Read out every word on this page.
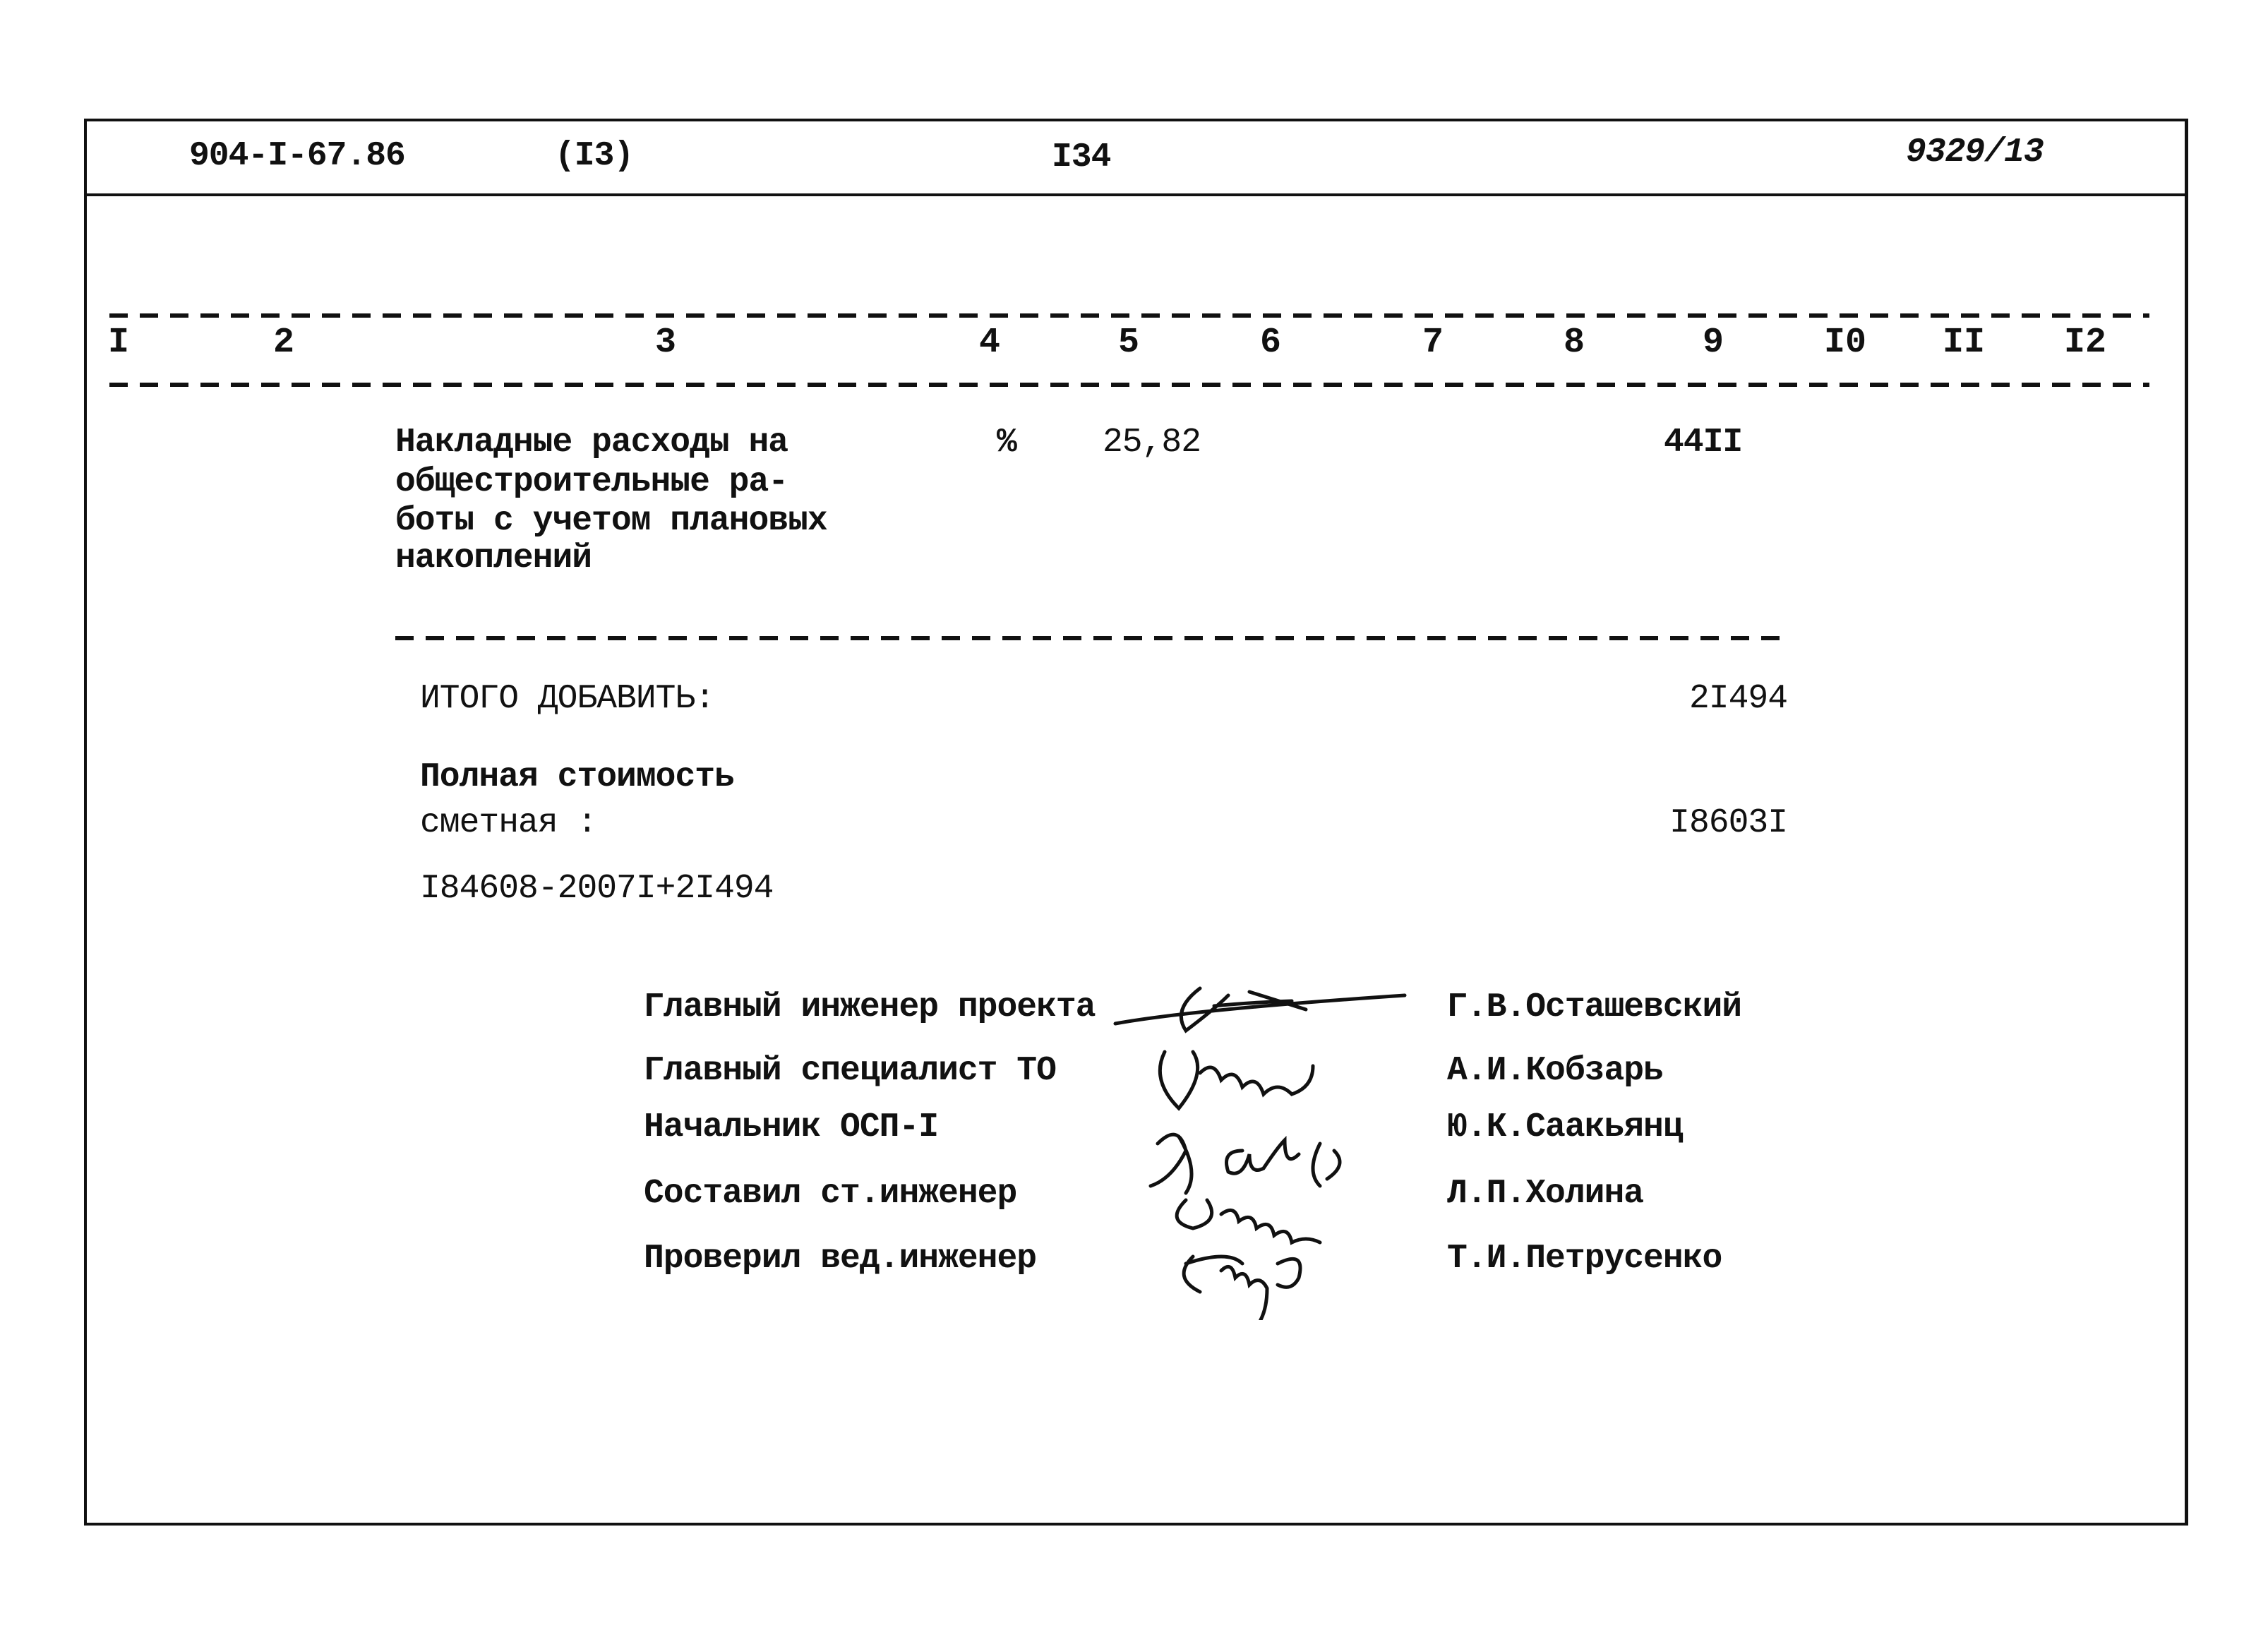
904-I-67.86	(I3)	I34	9329/13
I	2	3	4	5	6	7	8	9	I0 II I2
Накладные расходы на
общестроительные ра-
боты с учетом плановых
накоплений
%	25,82	44II
ИТОГО ДОБАВИТЬ:	2I494
Полная стоимость
сметная :	I8603I
I84608-2007I+2I494
Главный инженер проекта	Г.В.Осташевский
Главный специалист ТО	А.И.Кобзарь
Начальник ОСП-I	Ю.К.Саакьянц
Составил ст.инженер	Л.П.Холина
Проверил вед.инженер	Т.И.Петрусенко
